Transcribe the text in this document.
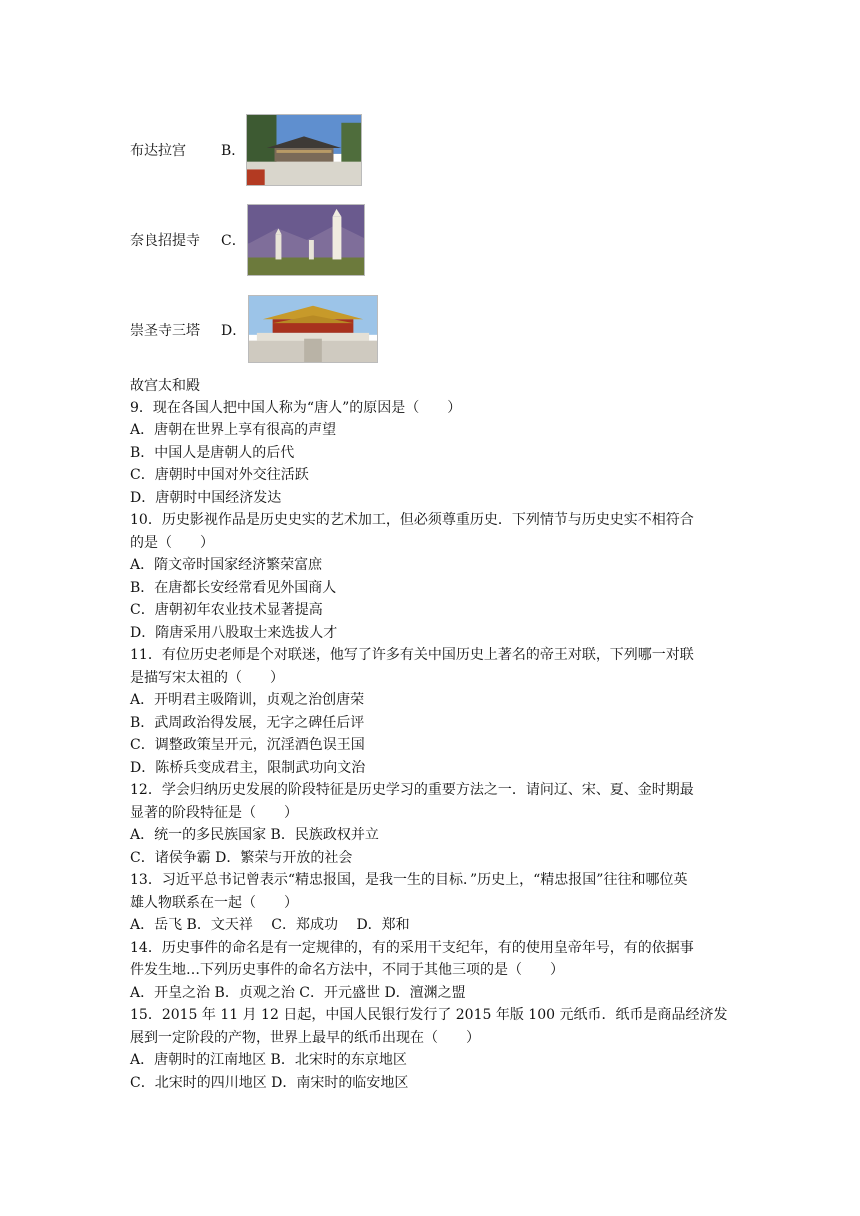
布达拉宫	B．
奈良招提寺 C．
崇圣寺三塔 D．
故宫太和殿
9．现在各国人把中国人称为“唐人”的原因是（　　）
A．唐朝在世界上享有很高的声望
B．中国人是唐朝人的后代
C．唐朝时中国对外交往活跃
D．唐朝时中国经济发达
10．历史影视作品是历史史实的艺术加工，但必须尊重历史．下列情节与历史史实不相符合
的是（　　）
A．隋文帝时国家经济繁荣富庶
B．在唐都长安经常看见外国商人
C．唐朝初年农业技术显著提高
D．隋唐采用八股取士来选拔人才
11．有位历史老师是个对联迷，他写了许多有关中国历史上著名的帝王对联，下列哪一对联
是描写宋太祖的（　　）
A．开明君主吸隋训，贞观之治创唐荣
B．武周政治得发展，无字之碑任后评
C．调整政策呈开元，沉淫酒色误王国
D．陈桥兵变成君主，限制武功向文治
12．学会归纳历史发展的阶段特征是历史学习的重要方法之一．请问辽、宋、夏、金时期最
显著的阶段特征是（　　）
A．统一的多民族国家 B．民族政权并立
C．诸侯争霸 D．繁荣与开放的社会
13．习近平总书记曾表示“精忠报国，是我一生的目标．”历史上，“精忠报国”往往和哪位英
雄人物联系在一起（　　）
A．岳飞 B．文天祥　 C．郑成功　 D．郑和
14．历史事件的命名是有一定规律的，有的采用干支纪年，有的使用皇帝年号，有的依据事
件发生地…下列历史事件的命名方法中，不同于其他三项的是（　　）
A．开皇之治 B．贞观之治 C．开元盛世 D．澶渊之盟
15．2015 年 11 月 12 日起，中国人民银行发行了 2015 年版 100 元纸币．纸币是商品经济发
展到一定阶段的产物，世界上最早的纸币出现在（　　）
A．唐朝时的江南地区 B．北宋时的东京地区
C．北宋时的四川地区 D．南宋时的临安地区
